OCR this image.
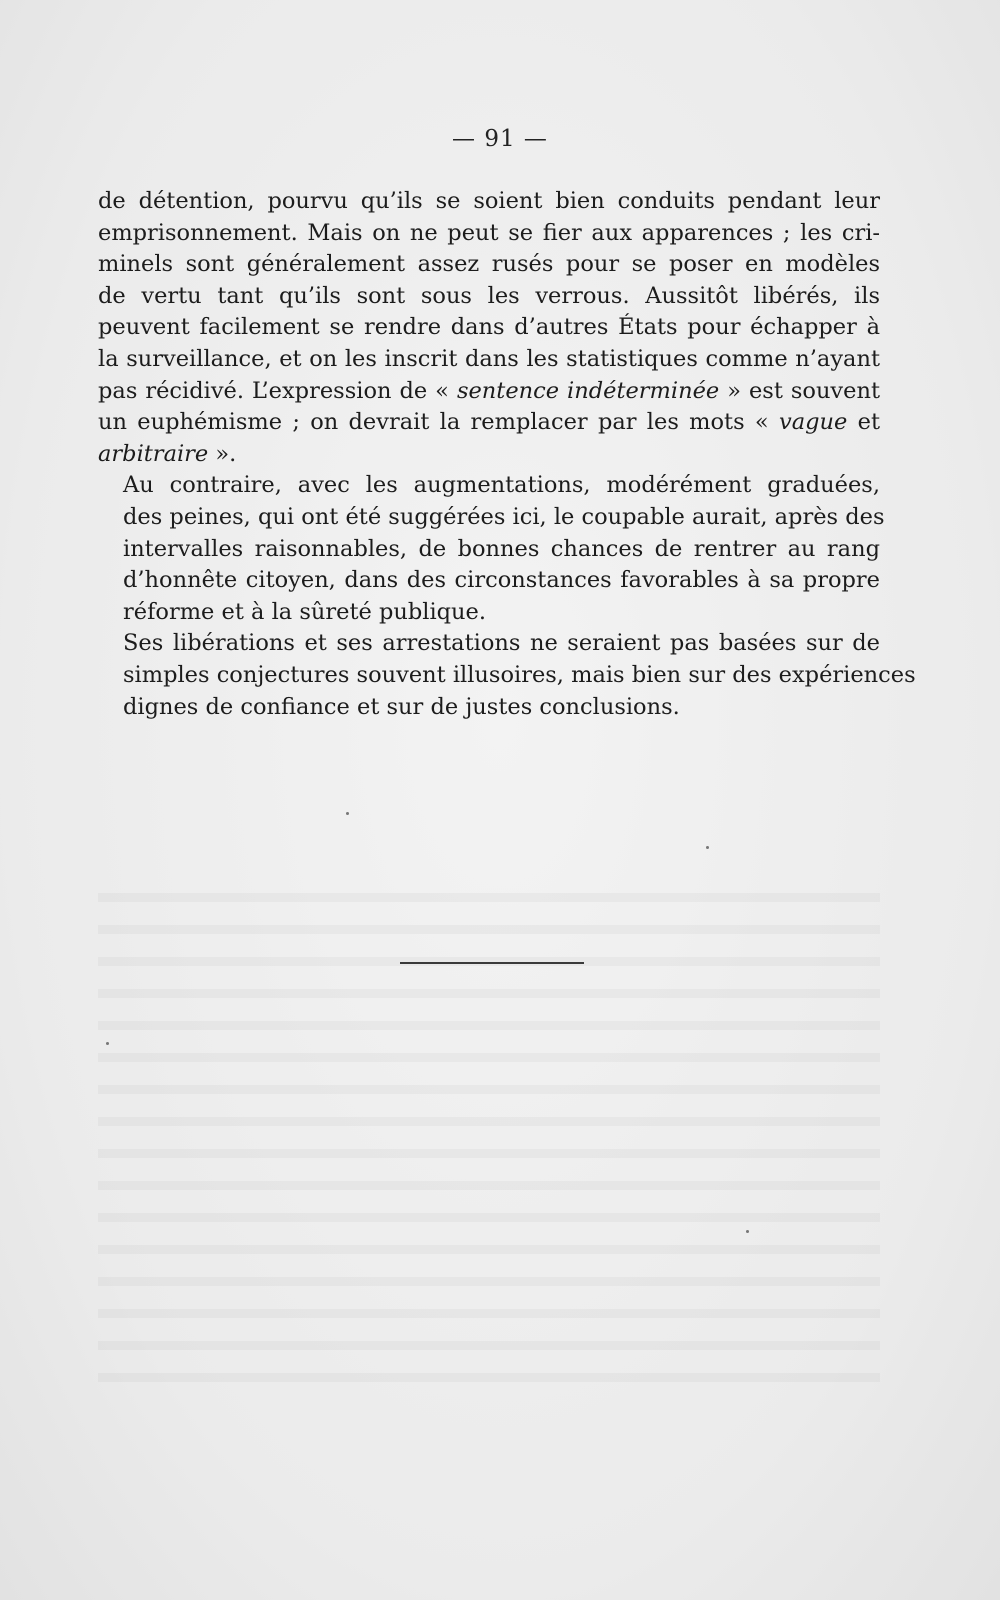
— 91 —

de détention, pourvu qu’ils se soient bien conduits pendant leur
emprisonnement. Mais on ne peut se fier aux apparences ; les cri-
minels sont généralement assez rusés pour se poser en modèles
de vertu tant qu’ils sont sous les verrous. Aussitôt libérés, ils
peuvent facilement se rendre dans d’autres États pour échapper à
la surveillance, et on les inscrit dans les statistiques comme n’ayant
pas récidivé. L’expression de « sentence indéterminée » est souvent
un euphémisme ; on devrait la remplacer par les mots « vague et
arbitraire ».

Au contraire, avec les augmentations, modérément graduées,
des peines, qui ont été suggérées ici, le coupable aurait, après des
intervalles raisonnables, de bonnes chances de rentrer au rang
d’honnête citoyen, dans des circonstances favorables à sa propre
réforme et à la sûreté publique.

Ses libérations et ses arrestations ne seraient pas basées sur de
simples conjectures souvent illusoires, mais bien sur des expériences
dignes de confiance et sur de justes conclusions.
